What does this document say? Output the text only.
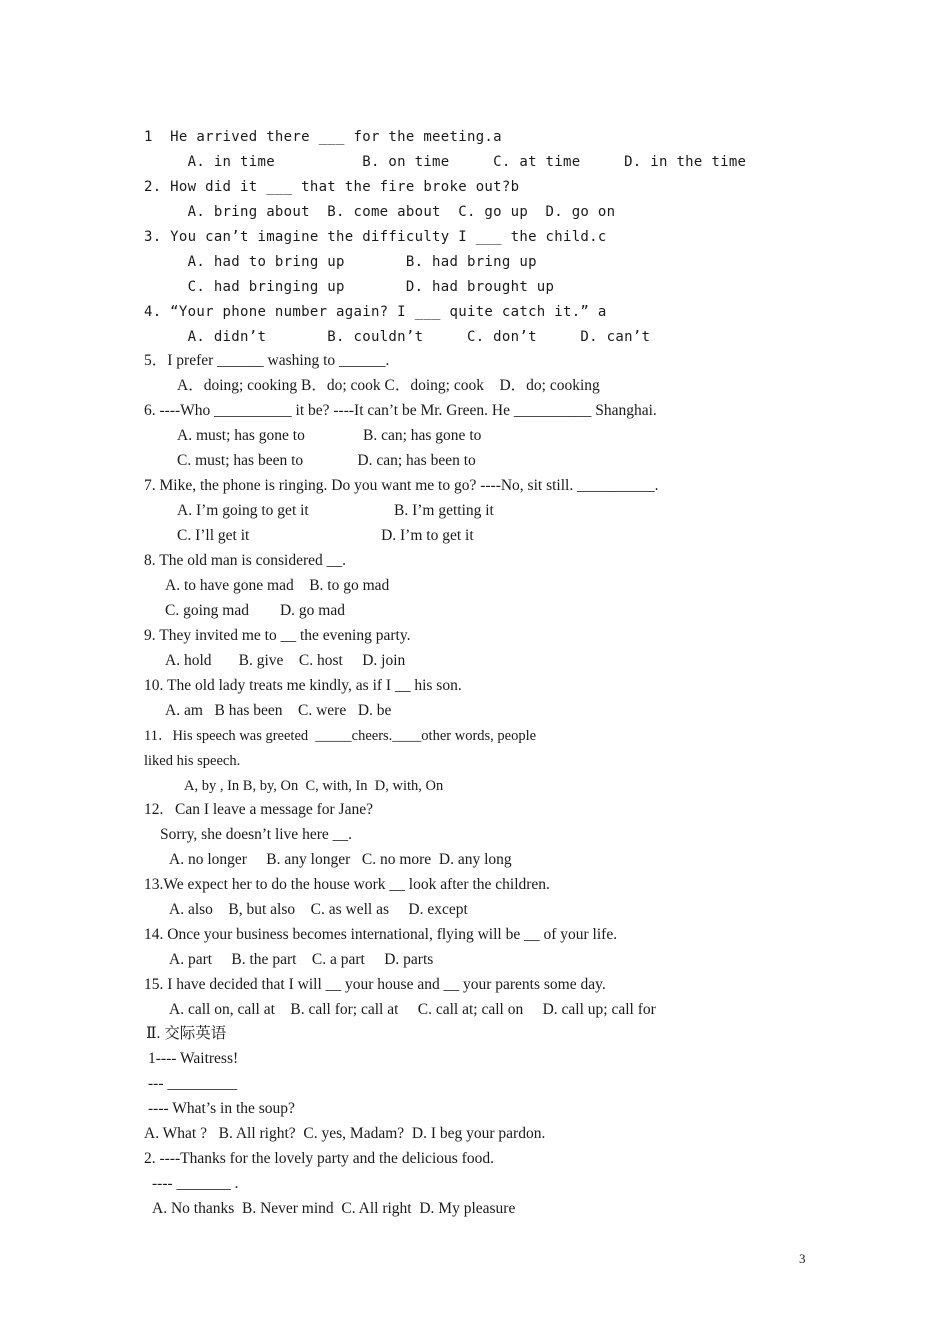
1  He arrived there ___ for the meeting.a
A. in time          B. on time     C. at time     D. in the time
2. How did it ___ that the fire broke out?b
A. bring about  B. come about  C. go up  D. go on
3. You can’t imagine the difficulty I ___ the child.c
A. had to bring up       B. had bring up
C. had bringing up       D. had brought up
4. “Your phone number again? I ___ quite catch it.” a
A. didn’t       B. couldn’t     C. don’t     D. can’t
5．I prefer ______ washing to ______.
A．doing; cooking B．do; cook C．doing; cook    D．do; cooking
6. ----Who __________ it be? ----It can’t be Mr. Green. He __________ Shanghai.
A. must; has gone to               B. can; has gone to
C. must; has been to              D. can; has been to
7. Mike, the phone is ringing. Do you want me to go? ----No, sit still. __________.
A. I’m going to get it                      B. I’m getting it
C. I’ll get it                                  D. I’m to get it
8. The old man is considered __.
A. to have gone mad    B. to go mad
C. going mad        D. go mad
9. They invited me to __ the evening party.
A. hold       B. give    C. host     D. join
10. The old lady treats me kindly, as if I __ his son.
A. am   B has been    C. were   D. be
11．His speech was greeted  _____cheers.____other words, people
liked his speech.
A, by , In B, by, On  C, with, In  D, with, On
12.   Can I leave a message for Jane?
Sorry, she doesn’t live here __.
A. no longer     B. any longer   C. no more  D. any long
13.We expect her to do the house work __ look after the children.
A. also    B, but also    C. as well as     D. except
14. Once your business becomes international, flying will be __ of your life.
A. part     B. the part    C. a part     D. parts
15. I have decided that I will __ your house and __ your parents some day.
A. call on, call at    B. call for; call at     C. call at; call on     D. call up; call for
Ⅱ. 交际英语
1---- Waitress!
--- _________
---- What’s in the soup?
A. What ?   B. All right?  C. yes, Madam?  D. I beg your pardon.
2. ----Thanks for the lovely party and the delicious food.
---- _______ .
A. No thanks  B. Never mind  C. All right  D. My pleasure
3
